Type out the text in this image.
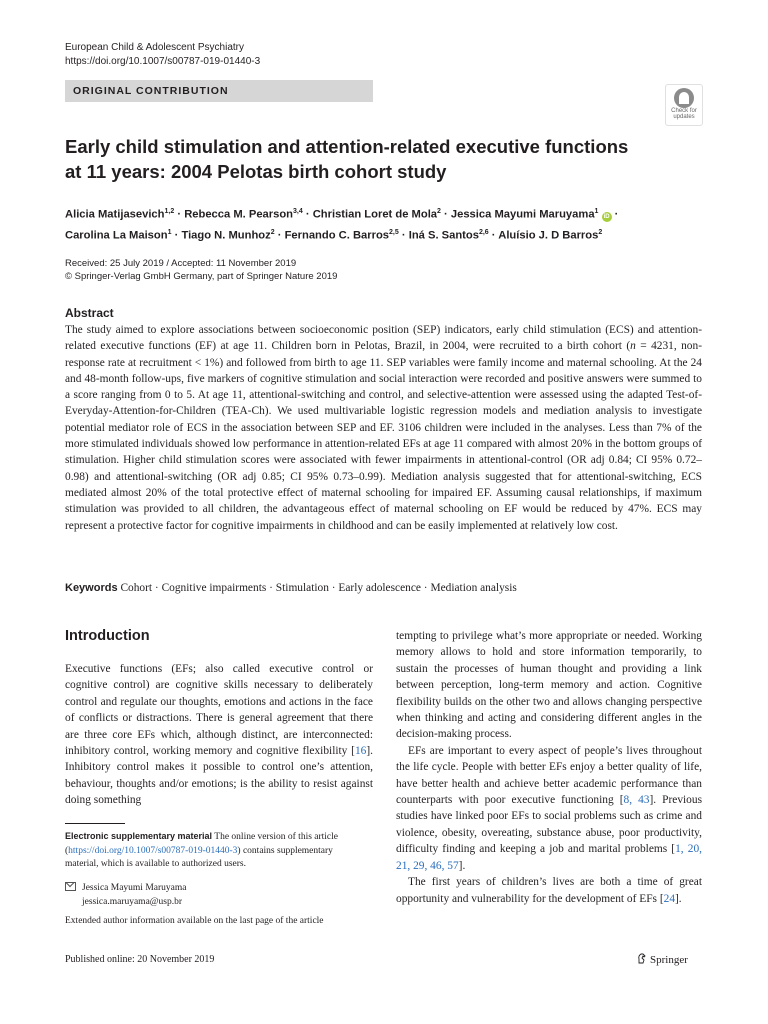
European Child & Adolescent Psychiatry
https://doi.org/10.1007/s00787-019-01440-3
ORIGINAL CONTRIBUTION
Check for
updates
Early child stimulation and attention-related executive functions
at 11 years: 2004 Pelotas birth cohort study
Alicia Matijasevich$^{1,2}$ · Rebecca M. Pearson$^{3,4}$ · Christian Loret de Mola$^2$ · Jessica Mayumi Maruyama$^1$ iD ·
Carolina La Maison$^1$ · Tiago N. Munhoz$^2$ · Fernando C. Barros$^{2,5}$ · Iná S. Santos$^{2,6}$ · Aluísio J. D Barros$^2$
Received: 25 July 2019 / Accepted: 11 November 2019
© Springer-Verlag GmbH Germany, part of Springer Nature 2019
Abstract
The study aimed to explore associations between socioeconomic position (SEP) indicators, early child stimulation (ECS) and attention-related executive functions (EF) at age 11. Children born in Pelotas, Brazil, in 2004, were recruited to a birth cohort (n = 4231, non-response rate at recruitment < 1%) and followed from birth to age 11. SEP variables were family income and maternal schooling. At the 24 and 48-month follow-ups, five markers of cognitive stimulation and social interaction were recorded and positive answers were summed to a score ranging from 0 to 5. At age 11, attentional-switching and control, and selective-attention were assessed using the adapted Test-of-Everyday-Attention-for-Children (TEA-Ch). We used multivariable logistic regression models and mediation analysis to investigate potential mediator role of ECS in the association between SEP and EF. 3106 children were included in the analyses. Less than 7% of the more stimulated individuals showed low performance in attention-related EFs at age 11 compared with almost 20% in the bottom groups of stimulation. Higher child stimulation scores were associated with fewer impairments in attentional-control (OR adj 0.84; CI 95% 0.72–0.98) and attentional-switching (OR adj 0.85; CI 95% 0.73–0.99). Mediation analysis suggested that for attentional-switching, ECS mediated almost 20% of the total protective effect of maternal schooling for impaired EF. Assuming causal relationships, if maximum stimulation was provided to all children, the advantageous effect of maternal schooling on EF would be reduced by 47%. ECS may represent a protective factor for cognitive impairments in childhood and can be easily implemented at relatively low cost.
Keywords Cohort · Cognitive impairments · Stimulation · Early adolescence · Mediation analysis
Introduction

Executive functions (EFs; also called executive control or cognitive control) are cognitive skills necessary to deliberately control and regulate our thoughts, emotions and actions in the face of conflicts or distractions. There is general agreement that there are three core EFs which, although distinct, are interconnected: inhibitory control, working memory and cognitive flexibility [16]. Inhibitory control makes it possible to control one’s attention, behaviour, thoughts and/or emotions; is the ability to resist against doing something

tempting to privilege what’s more appropriate or needed. Working memory allows to hold and store information temporarily, to sustain the processes of human thought and providing a link between perception, long-term memory and action. Cognitive flexibility builds on the other two and allows changing perspective when thinking and acting and considering different angles in the decision-making process.

EFs are important to every aspect of people’s lives throughout the life cycle. People with better EFs enjoy a better quality of life, have better health and achieve better academic performance than counterparts with poor executive functioning [8, 43]. Previous studies have linked poor EFs to social problems such as crime and violence, obesity, overeating, substance abuse, poor productivity, difficulty finding and keeping a job and marital problems [1, 20, 21, 29, 46, 57].

The first years of children’s lives are both a time of great opportunity and vulnerability for the development of EFs [24].

Electronic supplementary material The online version of this article (https://doi.org/10.1007/s00787-019-01440-3) contains supplementary material, which is available to authorized users.
Jessica Mayumi Maruyama
jessica.maruyama@usp.br
Extended author information available on the last page of the article
Published online: 20 November 2019	Springer
